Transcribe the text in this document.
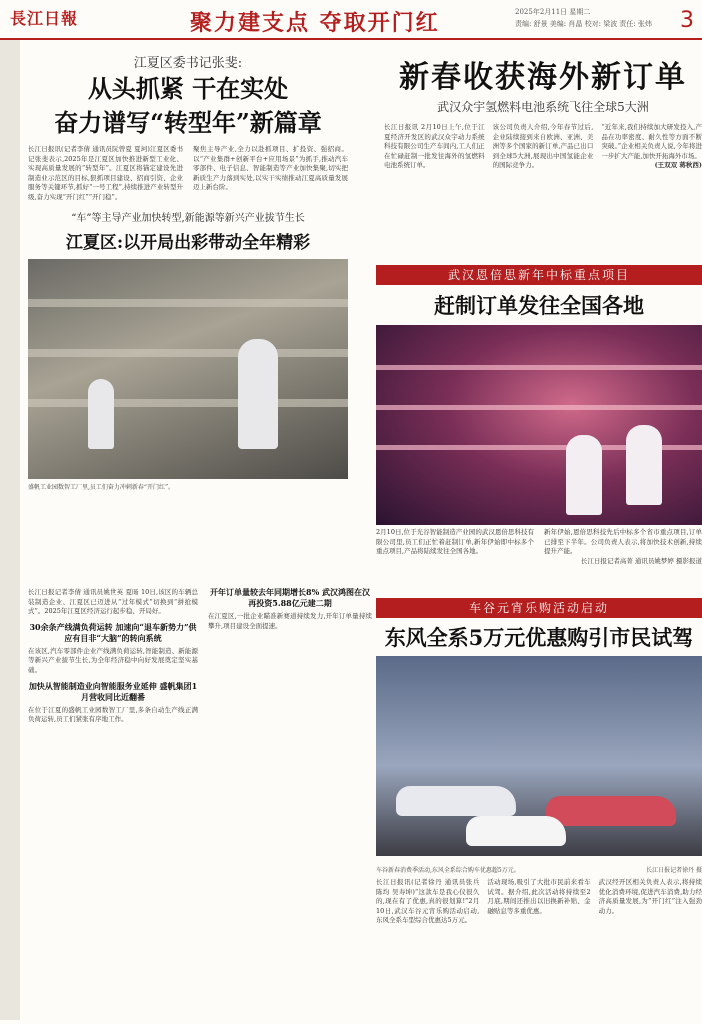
長江日報	聚力建支点 夺取开门红	2025年2月11日 星期二
责编: 舒景 美编: 肖晶 校对: 梁波 责任: 张炜	3
江夏区委书记张斐:
从头抓紧 干在实处
奋力谱写“转型年”新篇章
长江日报讯(记者李倩 通讯员阮曾夏 夏珂)江夏区委书记张斐表示,2025年是江夏区加快推进新型工业化、实现高质量发展的“转型年”。江夏区将锚定建设先进制造业示范区的目标,狠抓项目建设、招商引资、企业服务等关键环节,抓好“一号工程”,持续推进产业转型升级,奋力实现“开门红”“开门稳”。
聚焦主导产业,全力以赴抓项目、扩投资、强招商。以“产业集群+创新平台+应用场景”为抓手,推动汽车零部件、电子信息、智能制造等产业加快集聚,切实把新质生产力落到实处,以实干实绩推动江夏高质量发展迈上新台阶。
“车”等主导产业加快转型,新能源等新兴产业拔节生长
江夏区:以开局出彩带动全年精彩
盛帆工业园数智工厂里,员工们奋力冲刺新春“开门红”。
长江日报记者李倩 通讯员姚世英 夏旸 10日,该区的车辆总装制造企业、江夏区已迈进从“过年模式”切换到“拼抢模式”。2025年江夏区经济运行起步稳、开局好。
30余条产线满负荷运转 加速向“退车新势力”供应有目非“大脑”的转向系统
在该区,汽车零部件企业产线满负荷运转,智能制造、新能源等新兴产业拔节生长,为全年经济稳中向好发展奠定坚实基础。
加快从智能制造业向智能服务业延伸 盛帆集团1月营收同比近翻番
在位于江夏的盛帆工业园数智工厂里,多条自动生产线正满负荷运转,员工们紧张有序地工作。
开年订单量较去年同期增长8% 武汉鸿图在汉再投资5.88亿元建二期
在江夏区,一批企业瞄准新赛道持续发力,开年订单量持续攀升,项目建设全面提速。
新春收获海外新订单
武汉众宇氢燃料电池系统飞往全球5大洲
长江日报讯 2月10日上午,位于江夏经济开发区的武汉众宇动力系统科技有限公司生产车间内,工人们正在忙碌赶制一批发往海外的氢燃料电池系统订单。
该公司负责人介绍,今年春节过后,企业陆续接到来自欧洲、亚洲、美洲等多个国家的新订单,产品已出口到全球5大洲,展现出中国氢能企业的国际竞争力。
“近年来,我们持续加大研发投入,产品在功率密度、耐久性等方面不断突破。”企业相关负责人说,今年将进一步扩大产能,加快开拓海外市场。
(王双双 蒋秋西)
武汉恩倍思新年中标重点项目
赶制订单发往全国各地
2月10日,位于光谷智能制造产业园的武汉恩倍思科技有限公司里,员工们正忙着赶制订单,新年伊始即中标多个重点项目,产品将陆续发往全国各地。
新年伊始,恩倍思科技先后中标多个省市重点项目,订单已排至下半年。公司负责人表示,将加快技术创新,持续提升产能。
长江日报记者高菁 通讯员姚梦婷 摄影报道
车谷元宵乐购活动启动
东风全系5万元优惠购引市民试驾
车谷新春消费季活动,东风全系综合购车优惠超5万元。	长江日报记者徐丹 摄
长江日报讯(记者徐丹 通讯员张兵 陈均 吴寿坤)“这款车是我心仪很久的,现在有了优惠,真的很划算!”2月10日,武汉车谷元宵乐购活动启动,东风全系车型综合优惠达5万元。
活动现场,吸引了大批市民前来看车试驾。据介绍,此次活动将持续至2月底,期间还推出以旧换新补贴、金融贴息等多重优惠。
武汉经开区相关负责人表示,将持续优化消费环境,促进汽车消费,助力经济高质量发展,为“开门红”注入强劲动力。
